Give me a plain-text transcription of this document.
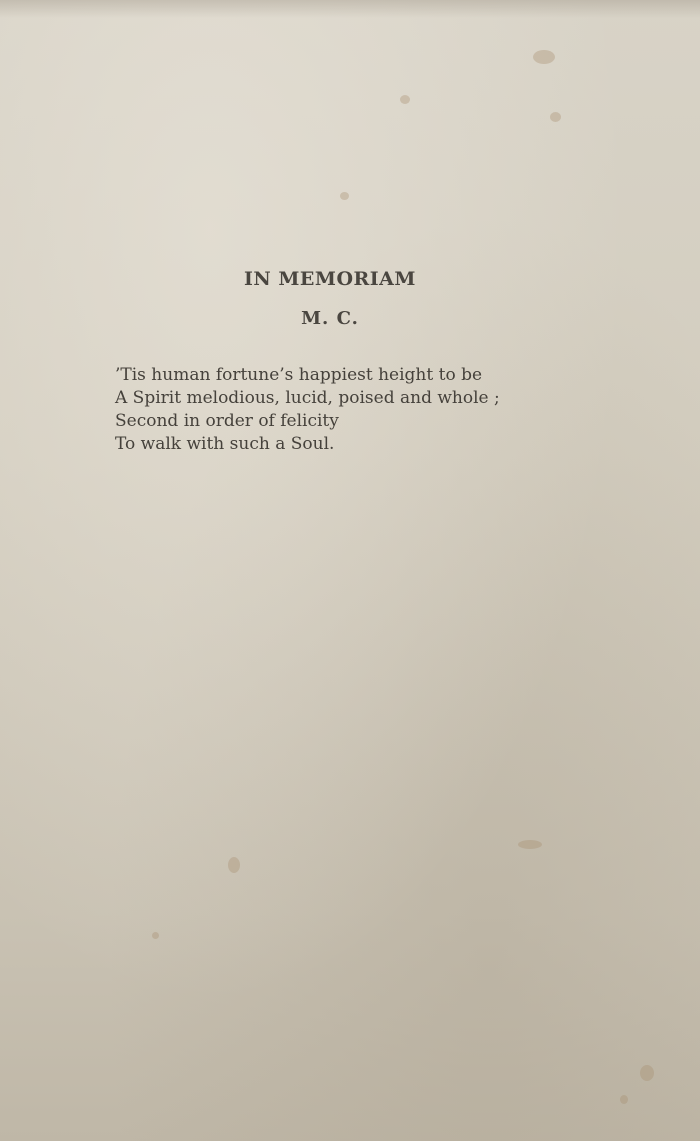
IN MEMORIAM
M. C.

’Tis human fortune’s happiest height to be
A Spirit melodious, lucid, poised and whole ;
Second in order of felicity
To walk with such a Soul.
